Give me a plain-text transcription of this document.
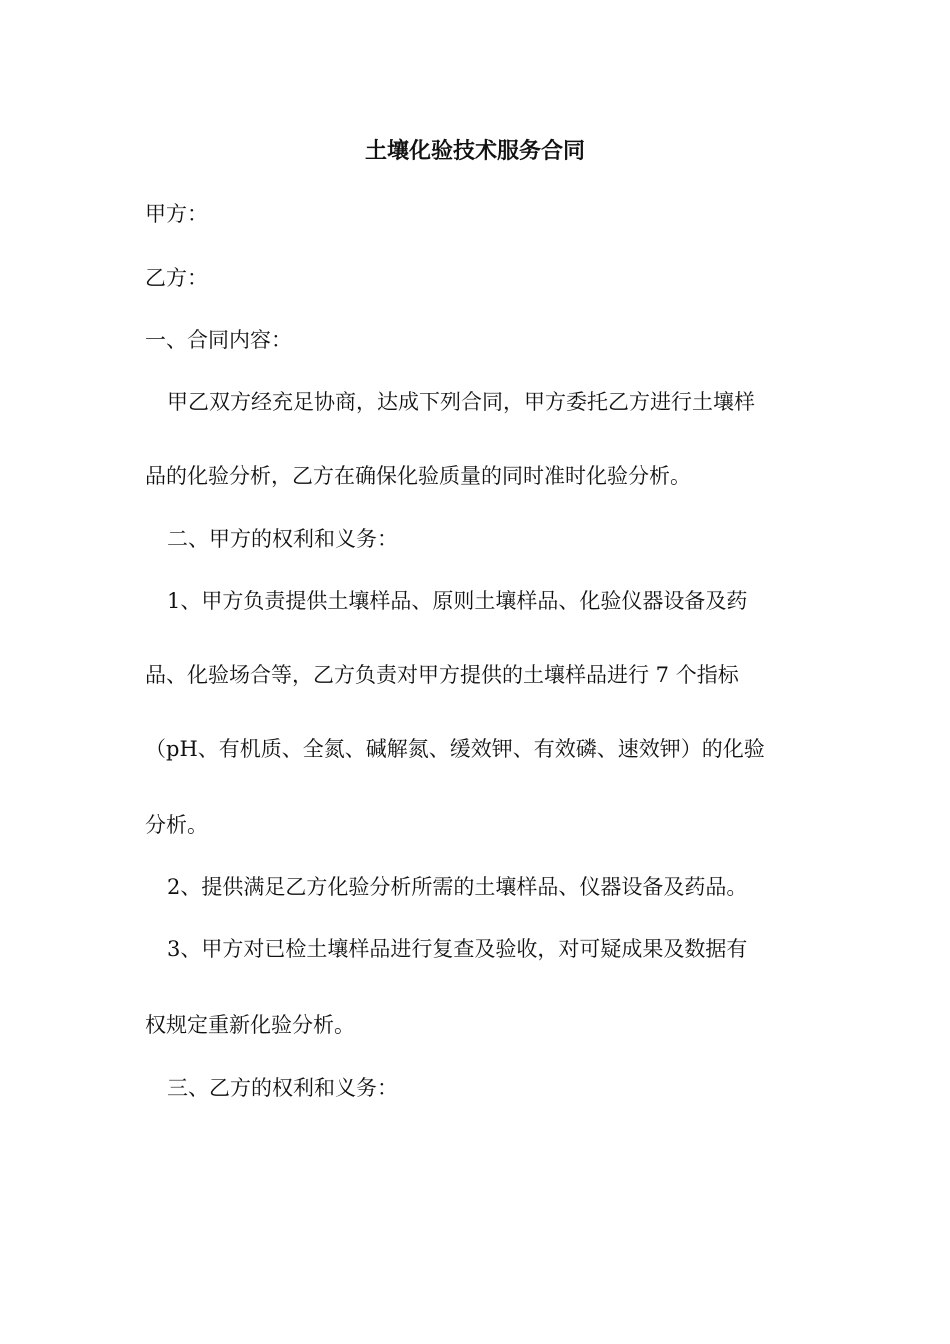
土壤化验技术服务合同

甲方：

乙方：

一、合同内容：

甲乙双方经充足协商，达成下列合同，甲方委托乙方进行土壤样

品的化验分析，乙方在确保化验质量的同时准时化验分析。

二、甲方的权利和义务：

1、甲方负责提供土壤样品、原则土壤样品、化验仪器设备及药

品、化验场合等，乙方负责对甲方提供的土壤样品进行 7 个指标

（pH、有机质、全氮、碱解氮、缓效钾、有效磷、速效钾）的化验

分析。

2、提供满足乙方化验分析所需的土壤样品、仪器设备及药品。

3、甲方对已检土壤样品进行复查及验收，对可疑成果及数据有

权规定重新化验分析。

三、乙方的权利和义务：
